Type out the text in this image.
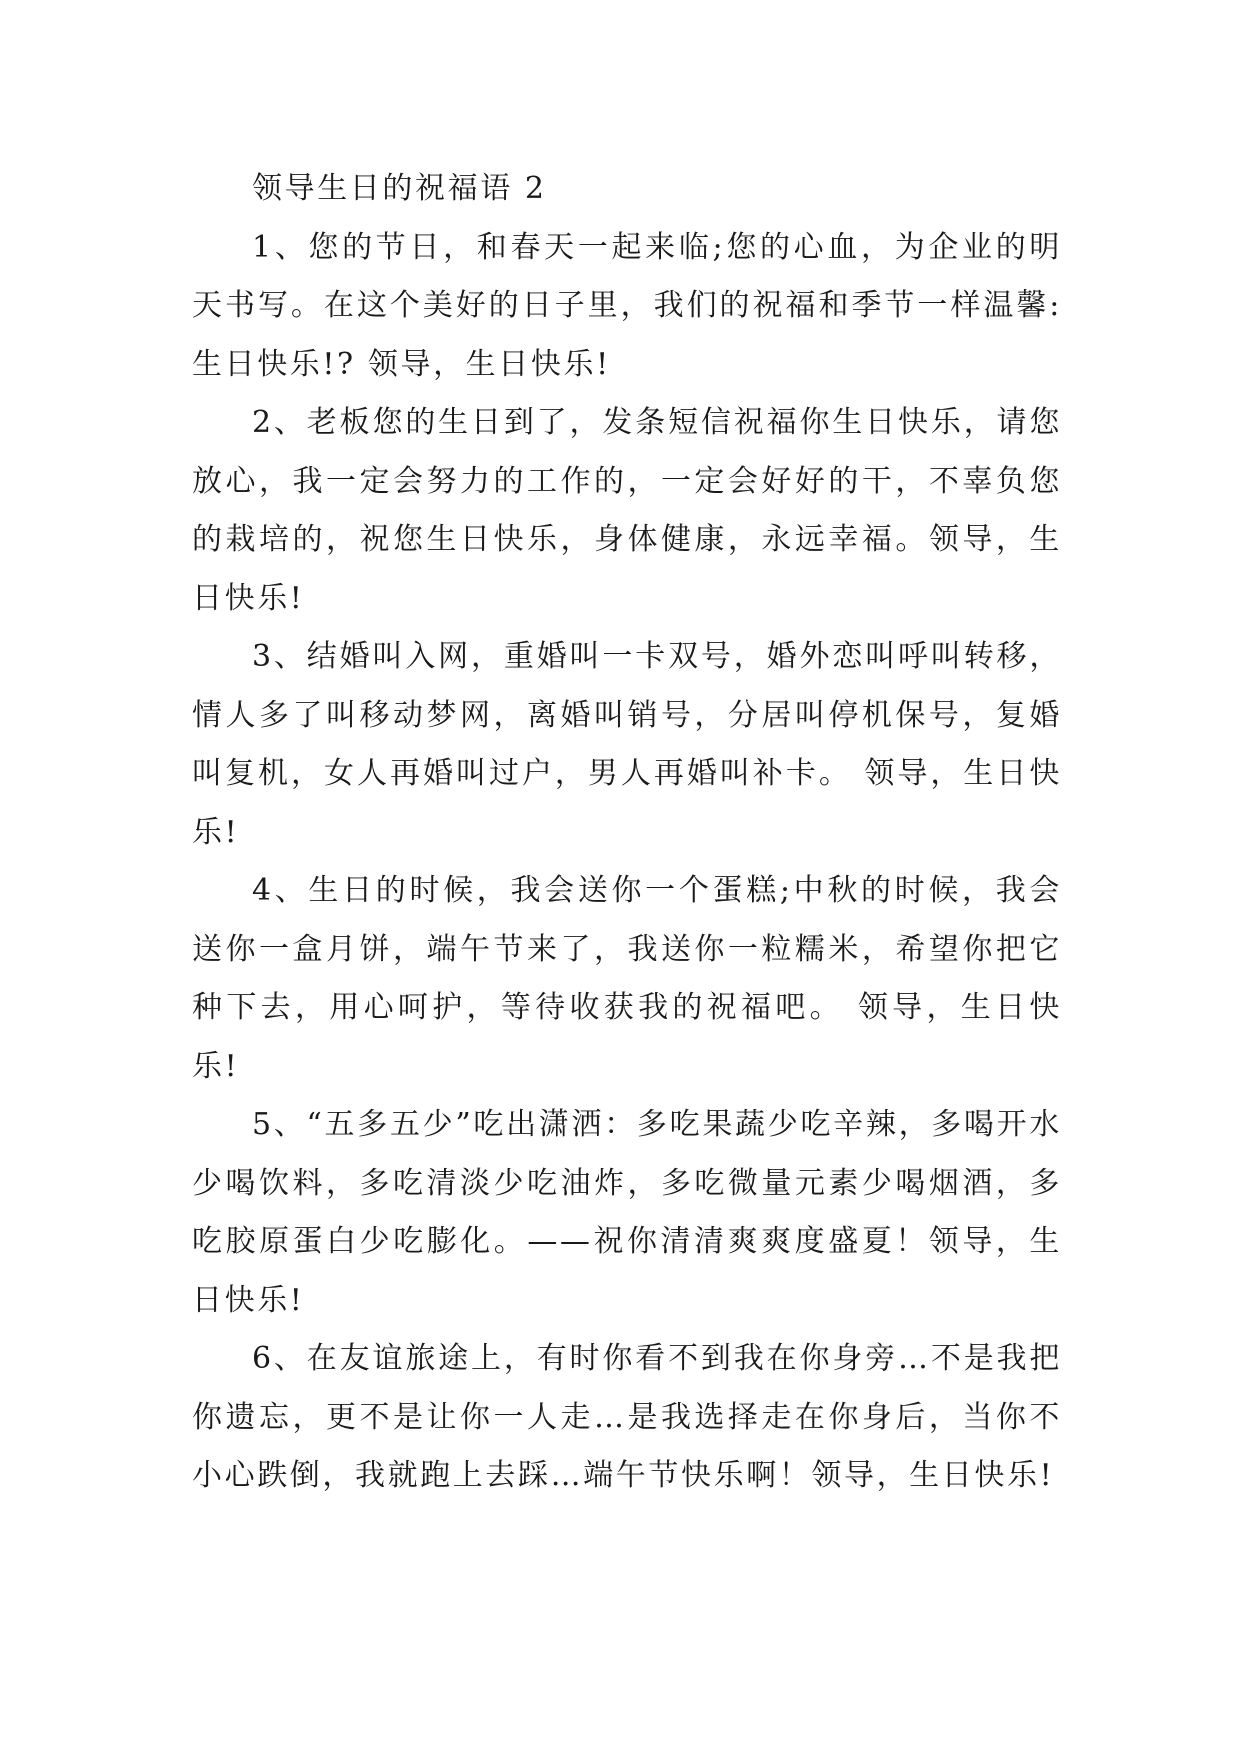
领导生日的祝福语 2

1、您的节日，和春天一起来临;您的心血，为企业的明天书写。在这个美好的日子里，我们的祝福和季节一样温馨: 生日快乐!? 领导，生日快乐!

2、老板您的生日到了，发条短信祝福你生日快乐，请您放心，我一定会努力的工作的，一定会好好的干，不辜负您的栽培的，祝您生日快乐，身体健康，永远幸福。领导，生日快乐!

3、结婚叫入网，重婚叫一卡双号，婚外恋叫呼叫转移，情人多了叫移动梦网，离婚叫销号，分居叫停机保号，复婚叫复机，女人再婚叫过户，男人再婚叫补卡。 领导，生日快乐!

4、生日的时候，我会送你一个蛋糕;中秋的时候，我会送你一盒月饼，端午节来了，我送你一粒糯米，希望你把它种下去，用心呵护，等待收获我的祝福吧。 领导，生日快乐!

5、“五多五少”吃出潇洒：多吃果蔬少吃辛辣，多喝开水少喝饮料，多吃清淡少吃油炸，多吃微量元素少喝烟酒，多吃胶原蛋白少吃膨化。——祝你清清爽爽度盛夏！领导，生日快乐!

6、在友谊旅途上，有时你看不到我在你身旁…不是我把你遗忘，更不是让你一人走…是我选择走在你身后，当你不小心跌倒，我就跑上去踩…端午节快乐啊！领导，生日快乐!
